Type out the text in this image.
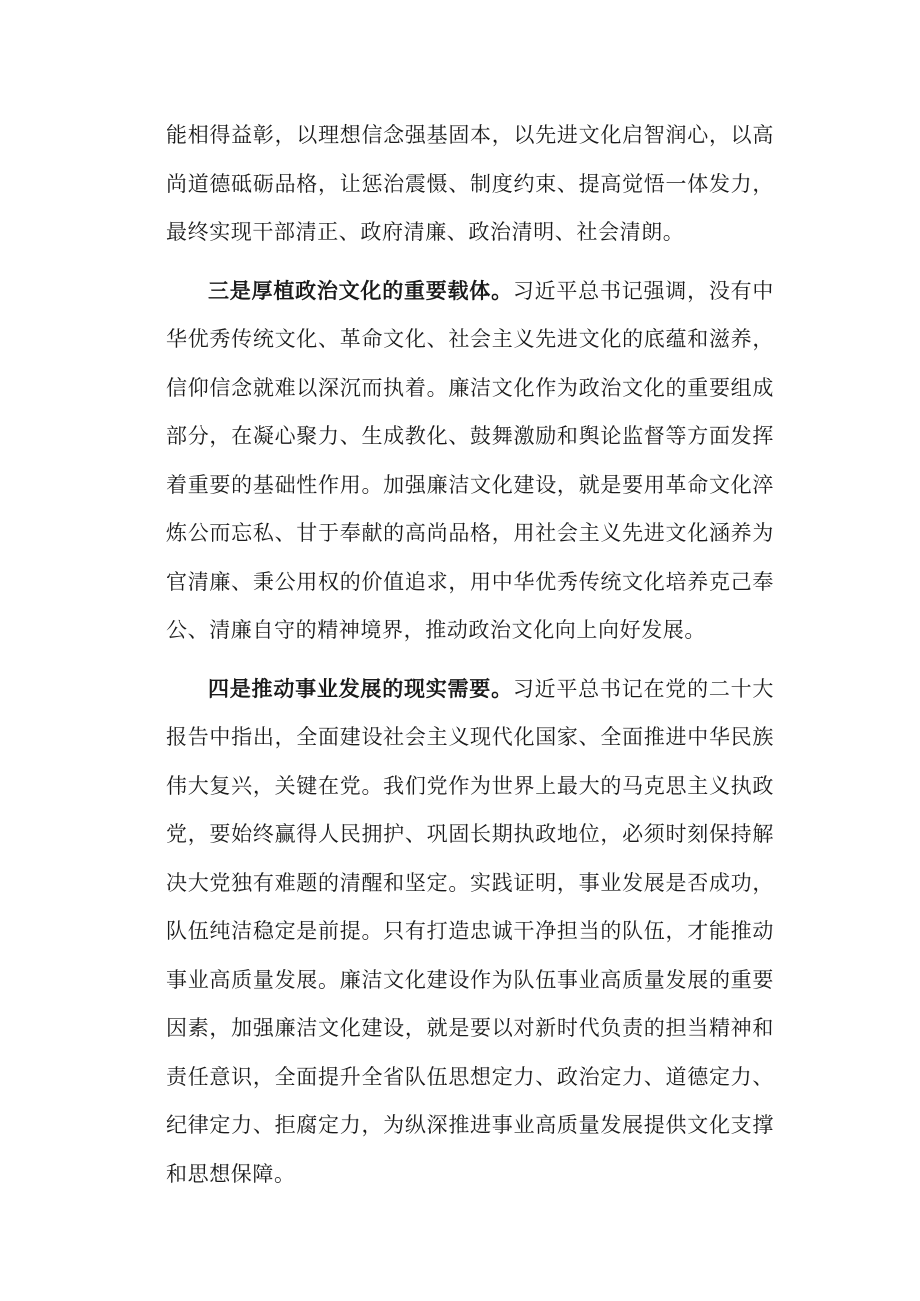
能相得益彰，以理想信念强基固本，以先进文化启智润心，以高尚道德砥砺品格，让惩治震慑、制度约束、提高觉悟一体发力，最终实现干部清正、政府清廉、政治清明、社会清朗。

三是厚植政治文化的重要载体。习近平总书记强调，没有中华优秀传统文化、革命文化、社会主义先进文化的底蕴和滋养，信仰信念就难以深沉而执着。廉洁文化作为政治文化的重要组成部分，在凝心聚力、生成教化、鼓舞激励和舆论监督等方面发挥着重要的基础性作用。加强廉洁文化建设，就是要用革命文化淬炼公而忘私、甘于奉献的高尚品格，用社会主义先进文化涵养为官清廉、秉公用权的价值追求，用中华优秀传统文化培养克己奉公、清廉自守的精神境界，推动政治文化向上向好发展。

四是推动事业发展的现实需要。习近平总书记在党的二十大报告中指出，全面建设社会主义现代化国家、全面推进中华民族伟大复兴，关键在党。我们党作为世界上最大的马克思主义执政党，要始终赢得人民拥护、巩固长期执政地位，必须时刻保持解决大党独有难题的清醒和坚定。实践证明，事业发展是否成功，队伍纯洁稳定是前提。只有打造忠诚干净担当的队伍，才能推动事业高质量发展。廉洁文化建设作为队伍事业高质量发展的重要因素，加强廉洁文化建设，就是要以对新时代负责的担当精神和责任意识，全面提升全省队伍思想定力、政治定力、道德定力、纪律定力、拒腐定力，为纵深推进事业高质量发展提供文化支撑和思想保障。
